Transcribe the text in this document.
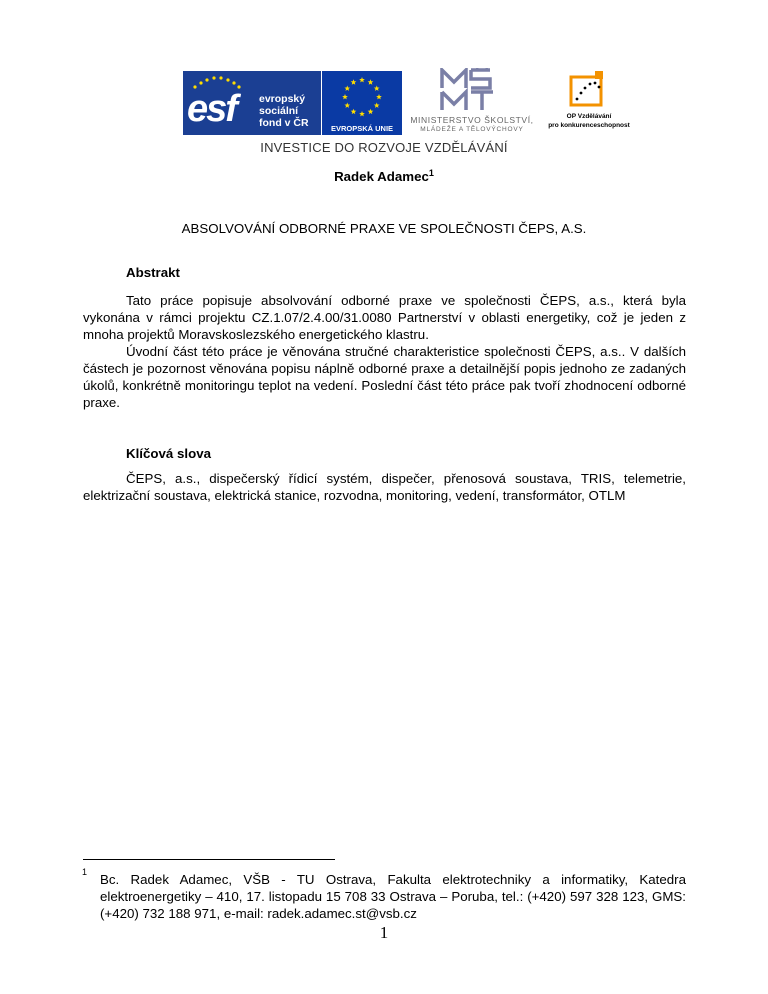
esf evropský
sociální
fond v ČR	EVROPSKÁ UNIE
MINISTERSTVO ŠKOLSTVÍ,
MLÁDEŽE A TĚLOVÝCHOVY
OP Vzdělávání
pro konkurenceschopnost
INVESTICE DO ROZVOJE VZDĚLÁVÁNÍ
Radek Adamec$^1$
ABSOLVOVÁNÍ ODBORNÉ PRAXE VE SPOLEČNOSTI ČEPS, A.S.
Abstrakt

Tato práce popisuje absolvování odborné praxe ve společnosti ČEPS, a.s., která byla vykonána v rámci projektu CZ.1.07/2.4.00/31.0080 Partnerství v oblasti energetiky, což je jeden z mnoha projektů Moravskoslezského energetického klastru.

Úvodní část této práce je věnována stručné charakteristice společnosti ČEPS, a.s.. V dalších částech je pozornost věnována popisu náplně odborné praxe a detailnější popis jednoho ze zadaných úkolů, konkrétně monitoringu teplot na vedení. Poslední část této práce pak tvoří zhodnocení odborné praxe.

Klíčová slova

ČEPS, a.s., dispečerský řídicí systém, dispečer, přenosová soustava, TRIS, telemetrie, elektrizační soustava, elektrická stanice, rozvodna, monitoring, vedení, transformátor, OTLM

1 Bc. Radek Adamec, VŠB - TU Ostrava, Fakulta elektrotechniky a informatiky, Katedra elektroenergetiky – 410, 17. listopadu 15 708 33 Ostrava – Poruba, tel.: (+420) 597 328 123, GMS: (+420) 732 188 971, e-mail: radek.adamec.st@vsb.cz

1
